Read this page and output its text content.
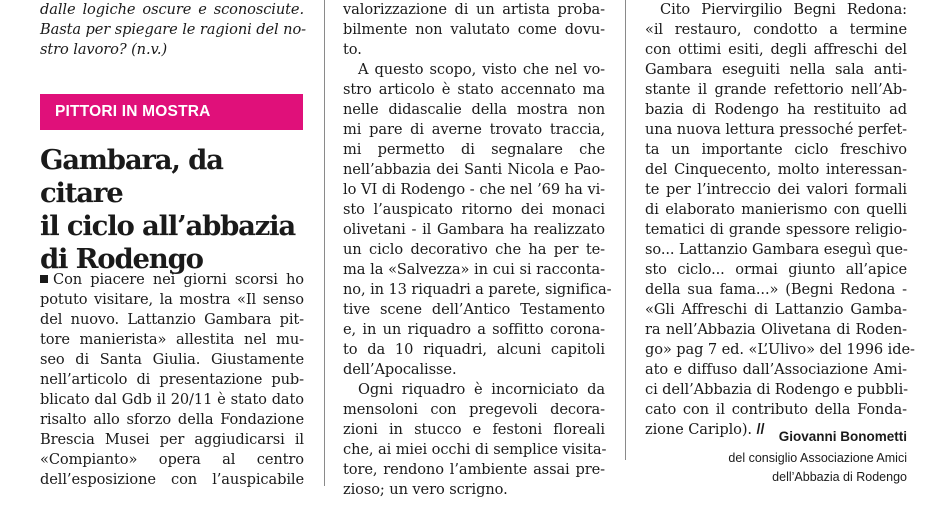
dalle logiche oscure e sconosciute.
Basta per spiegare le ragioni del no-
stro lavoro? (n.v.)

PITTORI IN MOSTRA
Gambara, da citare
il ciclo all’abbazia
di Rodengo

Con piacere nei giorni scorsi ho
potuto visitare, la mostra «Il senso
del nuovo. Lattanzio Gambara pit-
tore manierista» allestita nel mu-
seo di Santa Giulia. Giustamente
nell’articolo di presentazione pub-
blicato dal Gdb il 20/11 è stato dato
risalto allo sforzo della Fondazione
Brescia Musei per aggiudicarsi il
«Compianto» opera al centro
dell’esposizione con l’auspicabile

valorizzazione di un artista proba-
bilmente non valutato come dovu-
to.

A questo scopo, visto che nel vo-
stro articolo è stato accennato ma
nelle didascalie della mostra non
mi pare di averne trovato traccia,
mi permetto di segnalare che
nell’abbazia dei Santi Nicola e Pao-
lo VI di Rodengo - che nel ’69 ha vi-
sto l’auspicato ritorno dei monaci
olivetani - il Gambara ha realizzato
un ciclo decorativo che ha per te-
ma la «Salvezza» in cui si racconta-
no, in 13 riquadri a parete, significa-
tive scene dell’Antico Testamento
e, in un riquadro a soffitto corona-
to da 10 riquadri, alcuni capitoli
dell’Apocalisse.

Ogni riquadro è incorniciato da
mensoloni con pregevoli decora-
zioni in stucco e festoni floreali
che, ai miei occhi di semplice visita-
tore, rendono l’ambiente assai pre-
zioso; un vero scrigno.

Cito Piervirgilio Begni Redona:
«il restauro, condotto a termine
con ottimi esiti, degli affreschi del
Gambara eseguiti nella sala anti-
stante il grande refettorio nell’Ab-
bazia di Rodengo ha restituito ad
una nuova lettura pressoché perfet-
ta un importante ciclo freschivo
del Cinquecento, molto interessan-
te per l’intreccio dei valori formali
di elaborato manierismo con quelli
tematici di grande spessore religio-
so... Lattanzio Gambara eseguì que-
sto ciclo... ormai giunto all’apice
della sua fama...» (Begni Redona -
«Gli Affreschi di Lattanzio Gamba-
ra nell’Abbazia Olivetana di Roden-
go» pag 7 ed. «L’Ulivo» del 1996 ide-
ato e diffuso dall’Associazione Ami-
ci dell’Abbazia di Rodengo e pubbli-
cato con il contributo della Fonda-
zione Cariplo). //	Giovanni Bonometti
del consiglio Associazione Amici
dell’Abbazia di Rodengo
